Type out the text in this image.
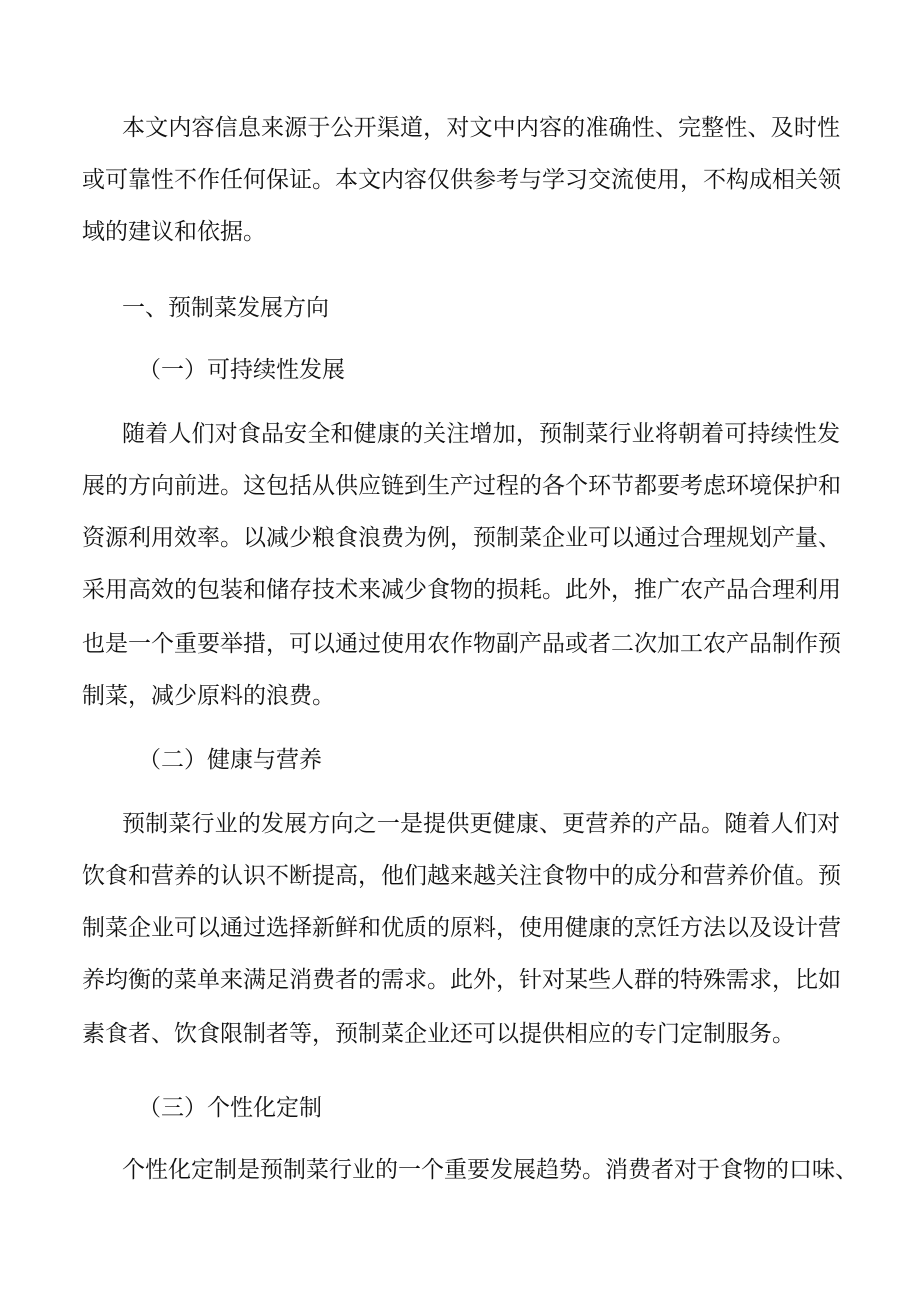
本文内容信息来源于公开渠道，对文中内容的准确性、完整性、及时性
或可靠性不作任何保证。本文内容仅供参考与学习交流使用，不构成相关领
域的建议和依据。
一、预制菜发展方向
（一）可持续性发展
随着人们对食品安全和健康的关注增加，预制菜行业将朝着可持续性发
展的方向前进。这包括从供应链到生产过程的各个环节都要考虑环境保护和
资源利用效率。以减少粮食浪费为例，预制菜企业可以通过合理规划产量、
采用高效的包装和储存技术来减少食物的损耗。此外，推广农产品合理利用
也是一个重要举措，可以通过使用农作物副产品或者二次加工农产品制作预
制菜，减少原料的浪费。
（二）健康与营养
预制菜行业的发展方向之一是提供更健康、更营养的产品。随着人们对
饮食和营养的认识不断提高，他们越来越关注食物中的成分和营养价值。预
制菜企业可以通过选择新鲜和优质的原料，使用健康的烹饪方法以及设计营
养均衡的菜单来满足消费者的需求。此外，针对某些人群的特殊需求，比如
素食者、饮食限制者等，预制菜企业还可以提供相应的专门定制服务。
（三）个性化定制
个性化定制是预制菜行业的一个重要发展趋势。消费者对于食物的口味、
